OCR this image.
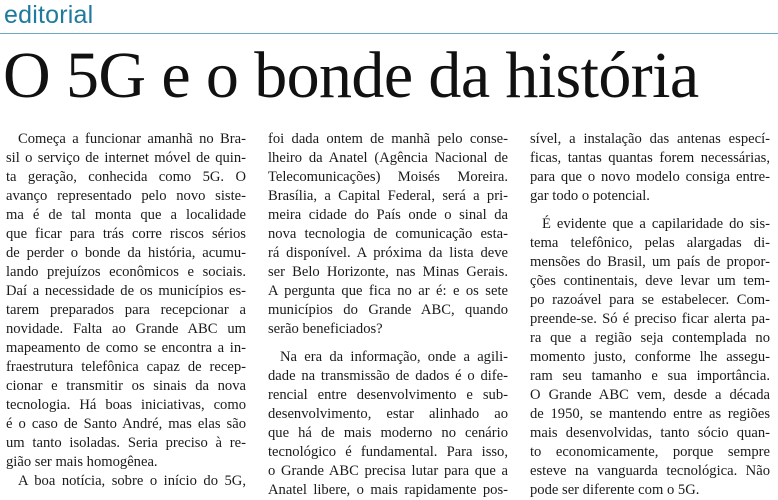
editorial
O 5G e o bonde da história
Começa a funcionar amanhã no Bra-
sil o serviço de internet móvel de quin-
ta geração, conhecida como 5G. O
avanço representado pelo novo siste-
ma é de tal monta que a localidade
que ficar para trás corre riscos sérios
de perder o bonde da história, acumu-
lando prejuízos econômicos e sociais.
Daí a necessidade de os municípios es-
tarem preparados para recepcionar a
novidade. Falta ao Grande ABC um
mapeamento de como se encontra a in-
fraestrutura telefônica capaz de recep-
cionar e transmitir os sinais da nova
tecnologia. Há boas iniciativas, como
é o caso de Santo André, mas elas são
um tanto isoladas. Seria preciso à re-
gião ser mais homogênea.
A boa notícia, sobre o início do 5G,
foi dada ontem de manhã pelo conse-
lheiro da Anatel (Agência Nacional de
Telecomunicações) Moisés Moreira.
Brasília, a Capital Federal, será a pri-
meira cidade do País onde o sinal da
nova tecnologia de comunicação esta-
rá disponível. A próxima da lista deve
ser Belo Horizonte, nas Minas Gerais.
A pergunta que fica no ar é: e os sete
municípios do Grande ABC, quando
serão beneficiados?
Na era da informação, onde a agili-
dade na transmissão de dados é o dife-
rencial entre desenvolvimento e sub-
desenvolvimento, estar alinhado ao
que há de mais moderno no cenário
tecnológico é fundamental. Para isso,
o Grande ABC precisa lutar para que a
Anatel libere, o mais rapidamente pos-
sível, a instalação das antenas especí-
ficas, tantas quantas forem necessárias,
para que o novo modelo consiga entre-
gar todo o potencial.
É evidente que a capilaridade do sis-
tema telefônico, pelas alargadas di-
mensões do Brasil, um país de propor-
ções continentais, deve levar um tem-
po razoável para se estabelecer. Com-
preende-se. Só é preciso ficar alerta pa-
ra que a região seja contemplada no
momento justo, conforme lhe assegu-
ram seu tamanho e sua importância.
O Grande ABC vem, desde a década
de 1950, se mantendo entre as regiões
mais desenvolvidas, tanto sócio quan-
to economicamente, porque sempre
esteve na vanguarda tecnológica. Não
pode ser diferente com o 5G.
